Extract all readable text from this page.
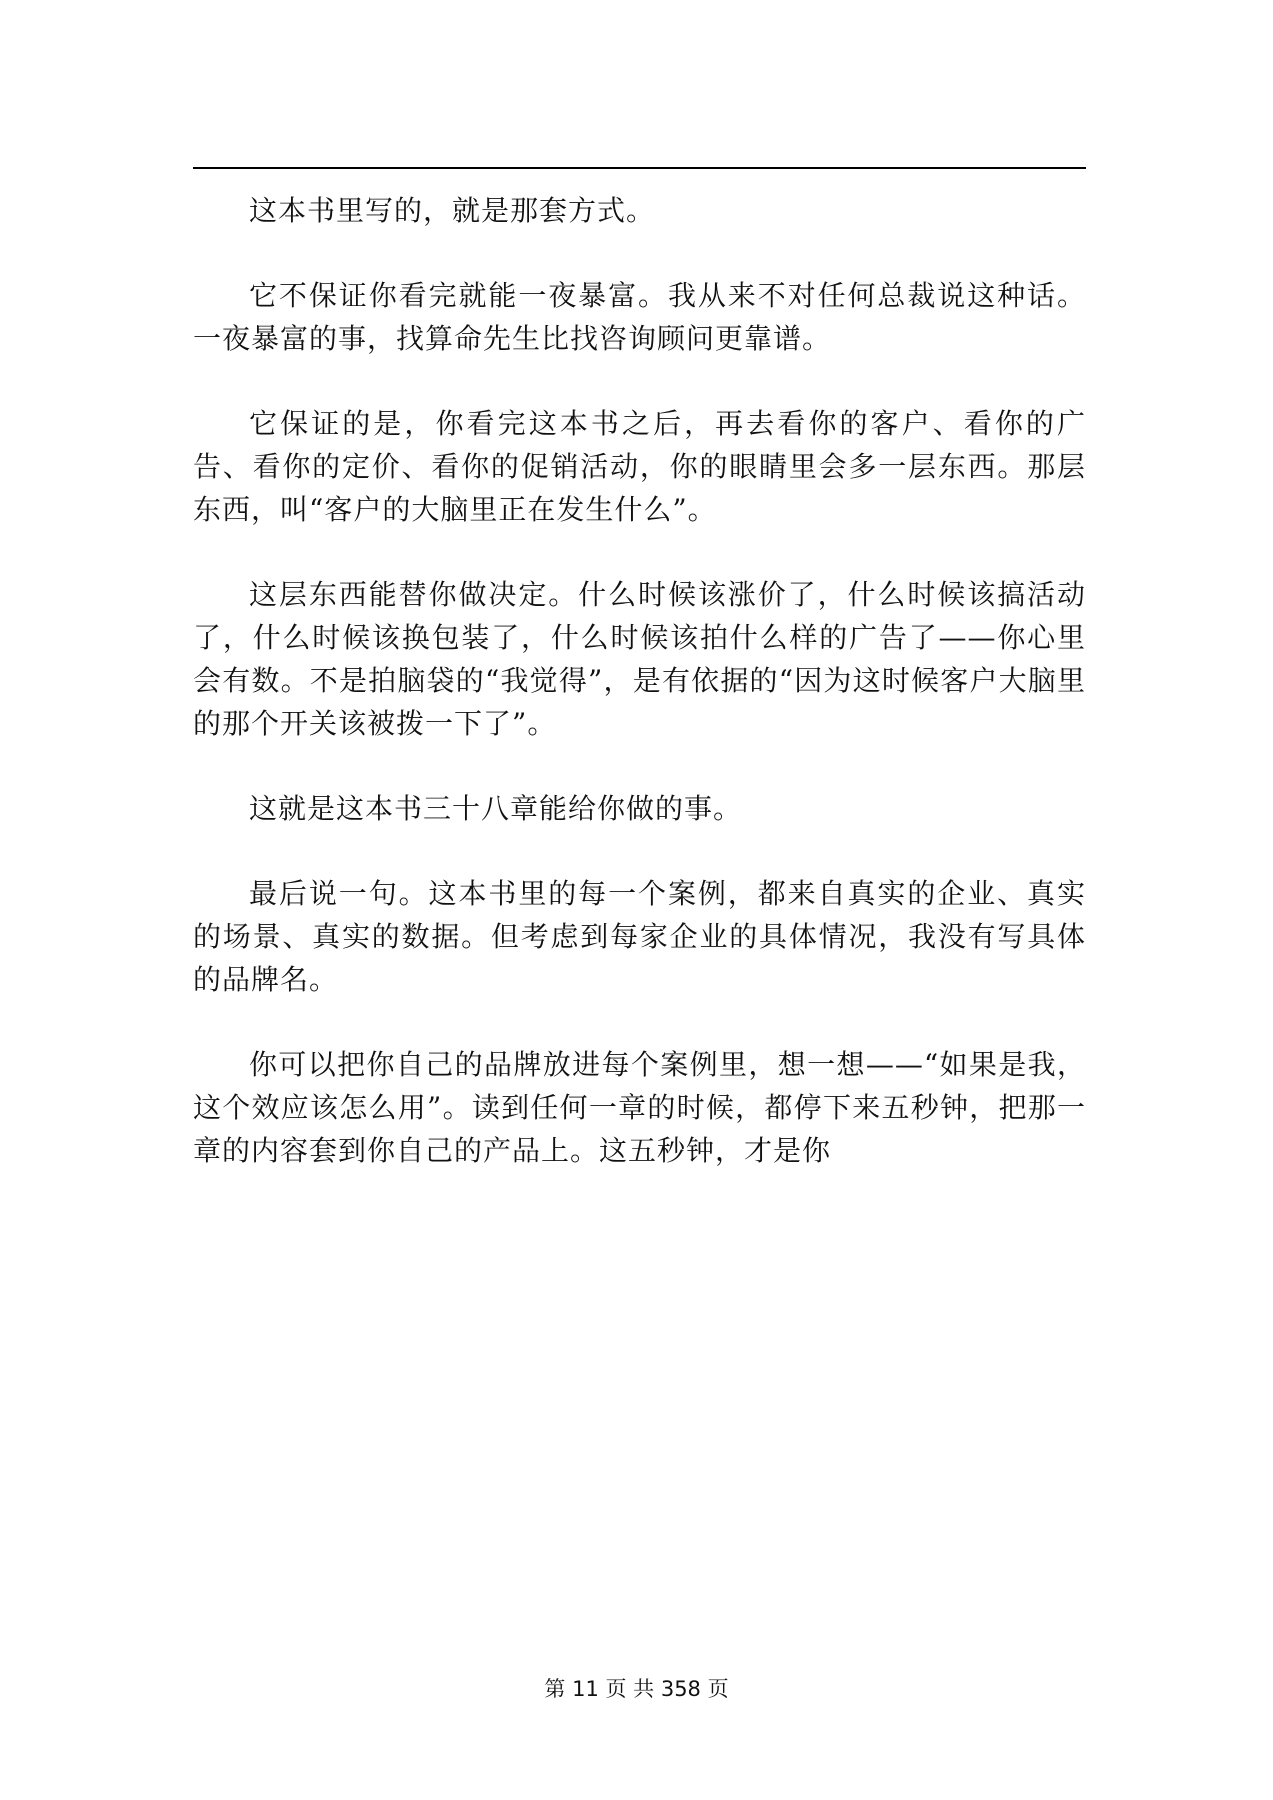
这本书里写的，就是那套方式。

它不保证你看完就能一夜暴富。我从来不对任何总裁说这种话。一夜暴富的事，找算命先生比找咨询顾问更靠谱。

它保证的是，你看完这本书之后，再去看你的客户、看你的广告、看你的定价、看你的促销活动，你的眼睛里会多一层东西。那层东西，叫“客户的大脑里正在发生什么”。

这层东西能替你做决定。什么时候该涨价了，什么时候该搞活动了，什么时候该换包装了，什么时候该拍什么样的广告了——你心里会有数。不是拍脑袋的“我觉得”，是有依据的“因为这时候客户大脑里的那个开关该被拨一下了”。

这就是这本书三十八章能给你做的事。

最后说一句。这本书里的每一个案例，都来自真实的企业、真实的场景、真实的数据。但考虑到每家企业的具体情况，我没有写具体的品牌名。

你可以把你自己的品牌放进每个案例里，想一想——“如果是我，这个效应该怎么用”。读到任何一章的时候，都停下来五秒钟，把那一章的内容套到你自己的产品上。这五秒钟，才是你

第 11 页 共 358 页
